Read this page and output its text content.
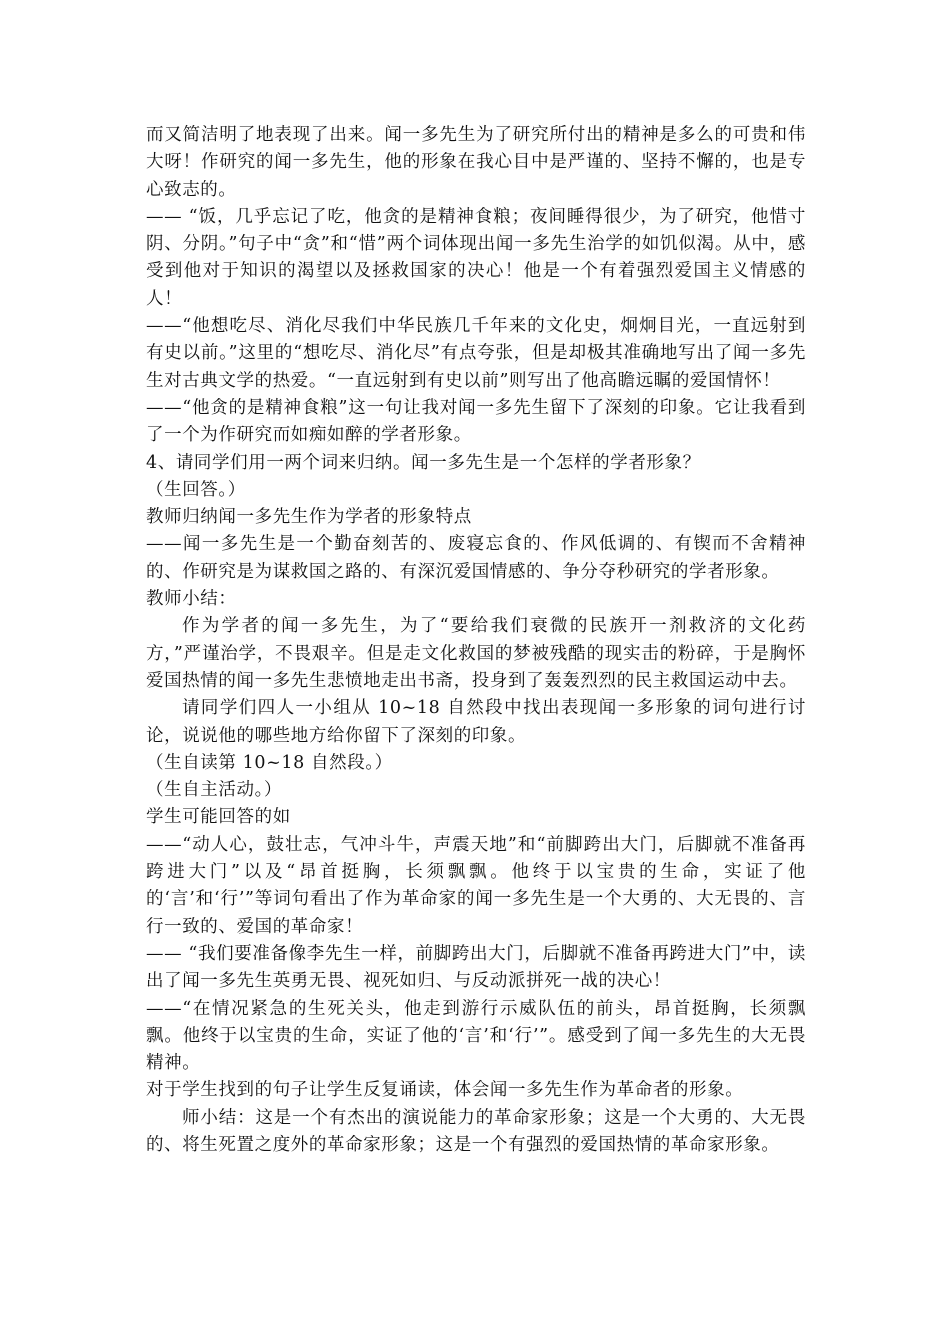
而又简洁明了地表现了出来。闻一多先生为了研究所付出的精神是多么的可贵和伟大呀！作研究的闻一多先生，他的形象在我心目中是严谨的、坚持不懈的，也是专心致志的。

—— “饭，几乎忘记了吃，他贪的是精神食粮；夜间睡得很少，为了研究，他惜寸阴、分阴。”句子中“贪”和“惜”两个词体现出闻一多先生治学的如饥似渴。从中，感受到他对于知识的渴望以及拯救国家的决心！他是一个有着强烈爱国主义情感的人！

——“他想吃尽、消化尽我们中华民族几千年来的文化史，炯炯目光，一直远射到有史以前。”这里的“想吃尽、消化尽”有点夸张，但是却极其准确地写出了闻一多先生对古典文学的热爱。“一直远射到有史以前”则写出了他高瞻远瞩的爱国情怀！

——“他贪的是精神食粮”这一句让我对闻一多先生留下了深刻的印象。它让我看到了一个为作研究而如痴如醉的学者形象。

4、请同学们用一两个词来归纳。闻一多先生是一个怎样的学者形象？

（生回答。）

教师归纳闻一多先生作为学者的形象特点

——闻一多先生是一个勤奋刻苦的、废寝忘食的、作风低调的、有锲而不舍精神的、作研究是为谋救国之路的、有深沉爱国情感的、争分夺秒研究的学者形象。

教师小结：

作为学者的闻一多先生，为了“要给我们衰微的民族开一剂救济的文化药方，”严谨治学，不畏艰辛。但是走文化救国的梦被残酷的现实击的粉碎，于是胸怀爱国热情的闻一多先生悲愤地走出书斋，投身到了轰轰烈烈的民主救国运动中去。

请同学们四人一小组从 10~18 自然段中找出表现闻一多形象的词句进行讨论，说说他的哪些地方给你留下了深刻的印象。

（生自读第 10~18 自然段。）

（生自主活动。）

学生可能回答的如

——“动人心，鼓壮志，气冲斗牛，声震天地”和“前脚跨出大门，后脚就不准备再跨进大门”以及“昂首挺胸，长须飘飘。他终于以宝贵的生命，实证了他的‘言’和‘行’”等词句看出了作为革命家的闻一多先生是一个大勇的、大无畏的、言行一致的、爱国的革命家！

—— “我们要准备像李先生一样，前脚跨出大门，后脚就不准备再跨进大门”中，读出了闻一多先生英勇无畏、视死如归、与反动派拼死一战的决心！

——“在情况紧急的生死关头，他走到游行示威队伍的前头，昂首挺胸，长须飘飘。他终于以宝贵的生命，实证了他的‘言’和‘行’”。感受到了闻一多先生的大无畏精神。

对于学生找到的句子让学生反复诵读，体会闻一多先生作为革命者的形象。

师小结：这是一个有杰出的演说能力的革命家形象；这是一个大勇的、大无畏的、将生死置之度外的革命家形象；这是一个有强烈的爱国热情的革命家形象。
